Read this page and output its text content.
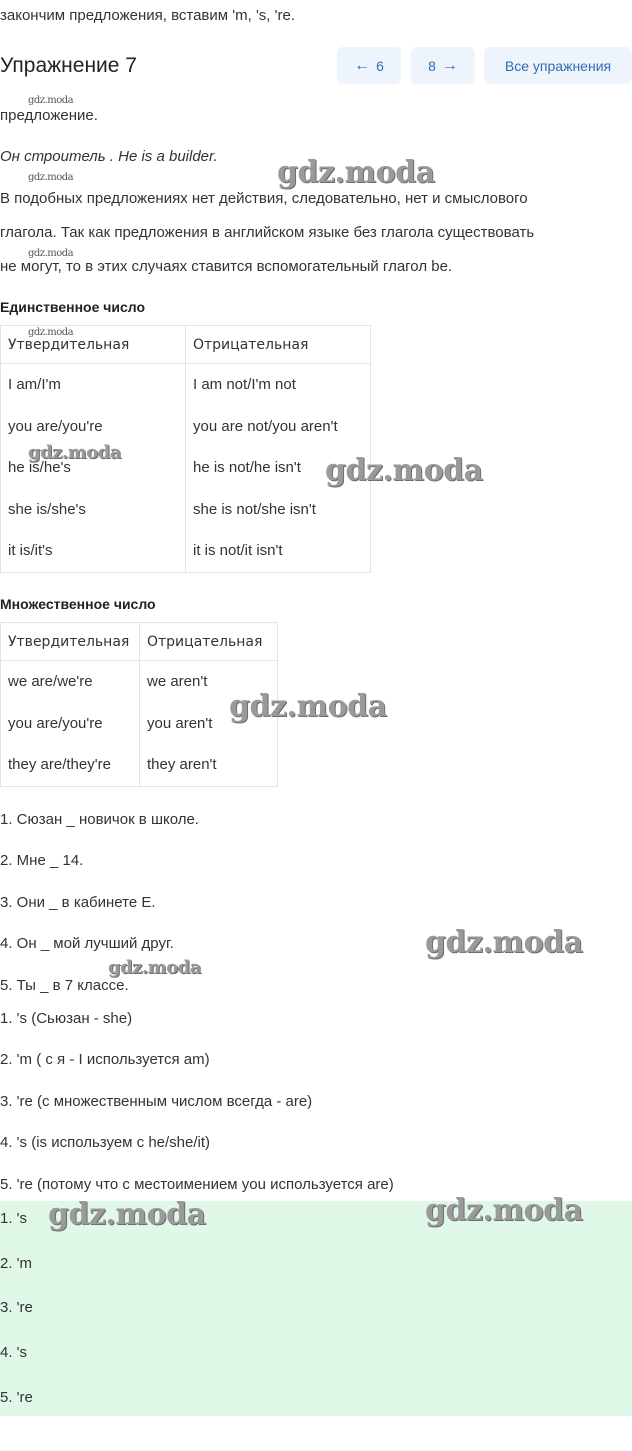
закончим предложения, вставим 'm, 's, 're.
Упражнение 7	← 6	8 →	Все упражнения
предложение.
Он строитель . He is a builder.
В подобных предложениях нет действия, следовательно, нет и смыслового
глагола. Так как предложения в английском языке без глагола существовать
не могут, то в этих случаях ставится вспомогательный глагол be.
Единственное число
Утвердительная	Отрицательная
I am/I'm	I am not/I'm not
you are/you're	you are not/you aren't
he is/he's	he is not/he isn't
she is/she's	she is not/she isn't
it is/it's	it is not/it isn't
Множественное число
Утвердительная	Отрицательная
we are/we're	we aren't
you are/you're	you aren't
they are/they're	they aren't
1. Сюзан _ новичок в школе.
2. Мне _ 14.
3. Они _ в кабинете Е.
4. Он _ мой лучший друг.
5. Ты _ в 7 классе.
1. 's (Сьюзан - she)
2. 'm ( с я - I используется am)
3. 're (с множественным числом всегда - are)
4. 's (is используем с he/she/it)
5. 're (потому что с местоимением you используется are)
1. 's
2. 'm
3. 're
4. 's
5. 're
gdz.moda
gdz.moda
gdz.moda
gdz.moda
gdz.moda
gdz.moda
gdz.moda
gdz.moda
gdz.moda
gdz.moda
gdz.moda	gdz.moda
